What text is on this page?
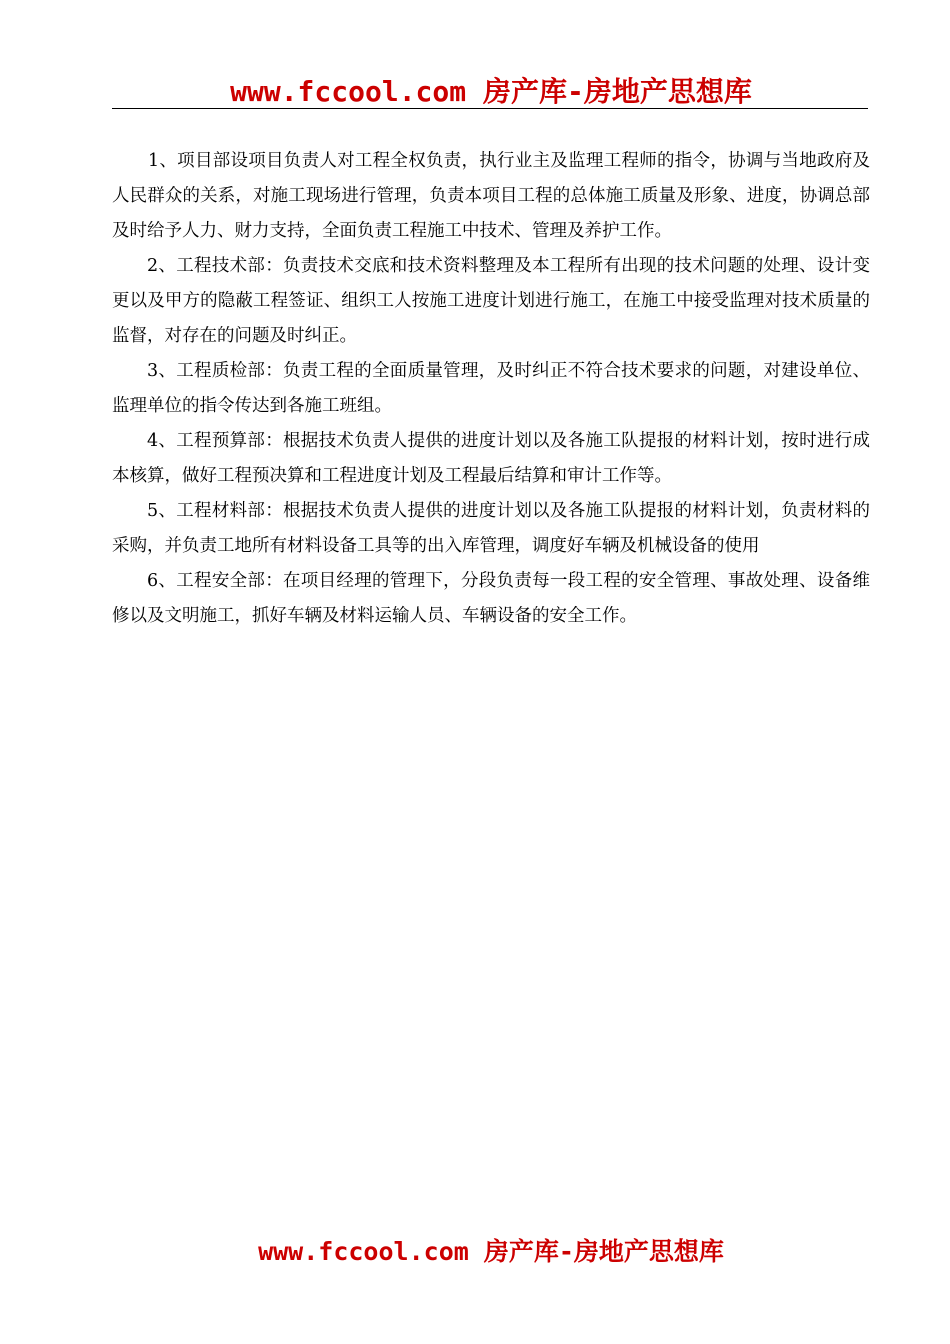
www.fccool.com 房产库-房地产思想库

1、项目部设项目负责人对工程全权负责，执行业主及监理工程师的指令，协调与当地政府及人民群众的关系，对施工现场进行管理，负责本项目工程的总体施工质量及形象、进度，协调总部及时给予人力、财力支持，全面负责工程施工中技术、管理及养护工作。

2、工程技术部：负责技术交底和技术资料整理及本工程所有出现的技术问题的处理、设计变更以及甲方的隐蔽工程签证、组织工人按施工进度计划进行施工，在施工中接受监理对技术质量的监督，对存在的问题及时纠正。

3、工程质检部：负责工程的全面质量管理，及时纠正不符合技术要求的问题，对建设单位、监理单位的指令传达到各施工班组。

4、工程预算部：根据技术负责人提供的进度计划以及各施工队提报的材料计划，按时进行成本核算，做好工程预决算和工程进度计划及工程最后结算和审计工作等。

5、工程材料部：根据技术负责人提供的进度计划以及各施工队提报的材料计划，负责材料的采购，并负责工地所有材料设备工具等的出入库管理，调度好车辆及机械设备的使用

6、工程安全部：在项目经理的管理下，分段负责每一段工程的安全管理、事故处理、设备维修以及文明施工，抓好车辆及材料运输人员、车辆设备的安全工作。

www.fccool.com 房产库-房地产思想库
